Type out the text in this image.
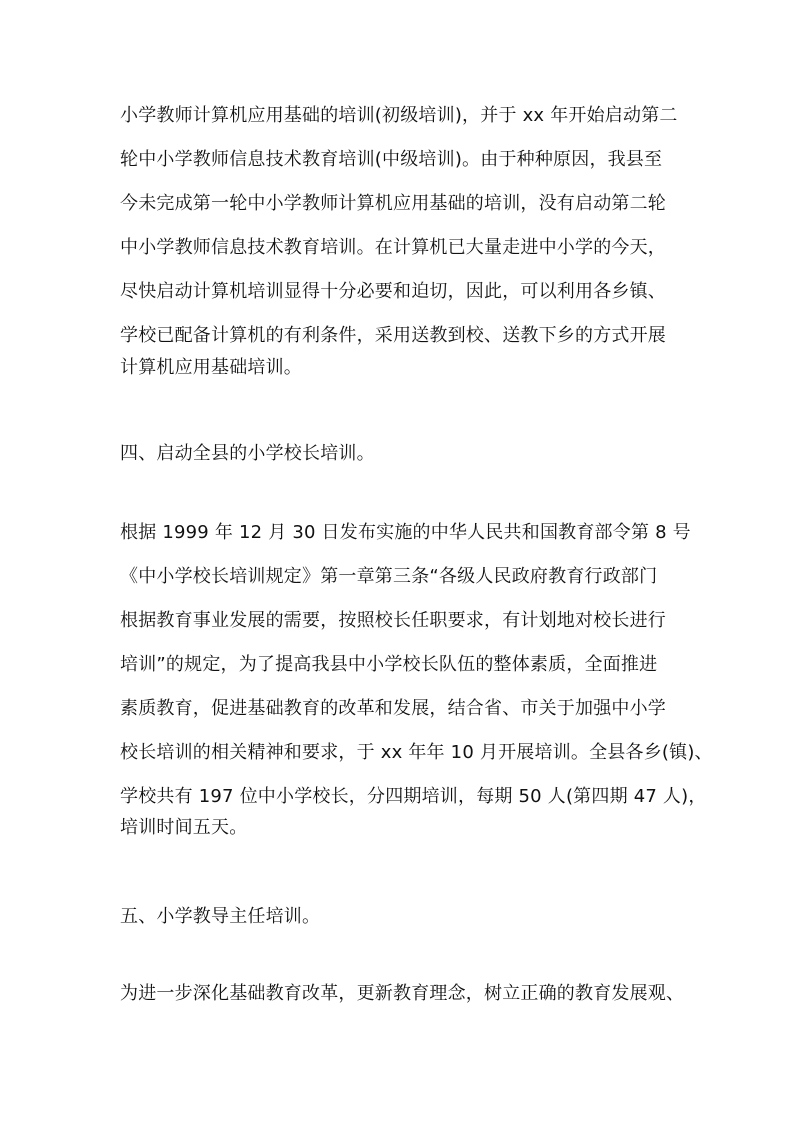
小学教师计算机应用基础的培训(初级培训)，并于 xx 年开始启动第二
轮中小学教师信息技术教育培训(中级培训)。由于种种原因，我县至
今未完成第一轮中小学教师计算机应用基础的培训，没有启动第二轮
中小学教师信息技术教育培训。在计算机已大量走进中小学的今天，
尽快启动计算机培训显得十分必要和迫切，因此，可以利用各乡镇、
学校已配备计算机的有利条件，采用送教到校、送教下乡的方式开展
计算机应用基础培训。
四、启动全县的小学校长培训。
根据 1999 年 12 月 30 日发布实施的中华人民共和国教育部令第 8 号
《中小学校长培训规定》第一章第三条“各级人民政府教育行政部门
根据教育事业发展的需要，按照校长任职要求，有计划地对校长进行
培训”的规定，为了提高我县中小学校长队伍的整体素质，全面推进
素质教育，促进基础教育的改革和发展，结合省、市关于加强中小学
校长培训的相关精神和要求，于 xx 年年 10 月开展培训。全县各乡(镇)、
学校共有 197 位中小学校长，分四期培训，每期 50 人(第四期 47 人)，
培训时间五天。
五、小学教导主任培训。
为进一步深化基础教育改革，更新教育理念，树立正确的教育发展观、
